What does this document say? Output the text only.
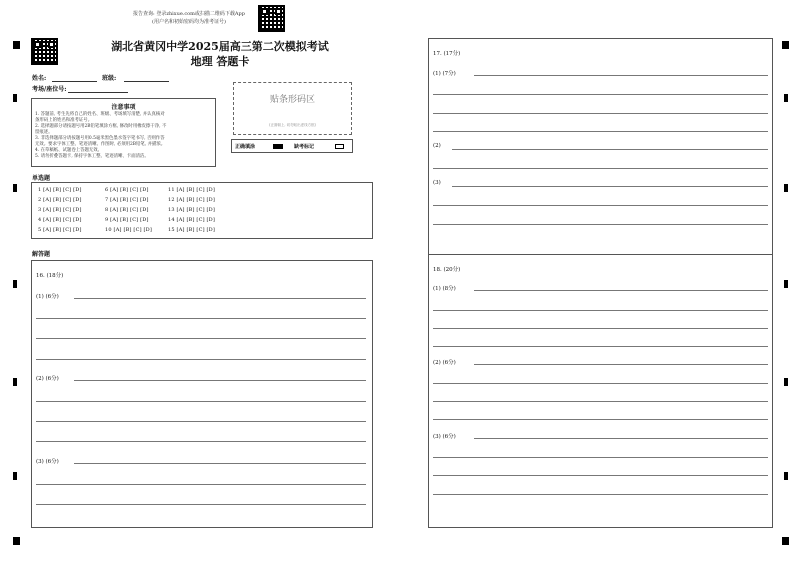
报告查询: 登录zhixue.com或扫描二维码下载App
(用户名和初始密码均为准考证号)
湖北省黄冈中学2025届高三第二次模拟考试
地理 答题卡
姓名:	班级:
考场/座位号:
贴条形码区
(正面朝上, 切勿贴出虚线方框)
正确填涂	缺考标记
注意事项
1. 答题前, 考生先将自己的姓名、班级、考场填写清楚, 并认真核对
条形码上的姓名和准考证号。
2. 选择题部分请按题号用2B铅笔填涂方框, 修改时用橡皮擦干净, 不
留痕迹。
3. 非选择题部分请按题号用0.5毫米黑色墨水签字笔书写, 否则作答
无效。要求字体工整、笔迹清晰。作图时, 必须用2B铅笔, 并描浓。
4. 在草稿纸、试题卷上答题无效。
5. 请勿折叠答题卡, 保持字体工整、笔迹清晰、卡面清洁。
单选题
1 [A] [B] [C] [D]	6 [A] [B] [C] [D]	11 [A] [B] [C] [D]
2 [A] [B] [C] [D]	7 [A] [B] [C] [D]	12 [A] [B] [C] [D]
3 [A] [B] [C] [D]	8 [A] [B] [C] [D]	13 [A] [B] [C] [D]
4 [A] [B] [C] [D]	9 [A] [B] [C] [D]	14 [A] [B] [C] [D]
5 [A] [B] [C] [D]	10 [A] [B] [C] [D]	15 [A] [B] [C] [D]
解答题
16. (18分)
(1) (6分)
(2) (6分)
(3) (6分)
17. (17分)
(1) (7分)
(2)
(3)
18. (20分)
(1) (8分)
(2) (6分)
(3) (6分)
